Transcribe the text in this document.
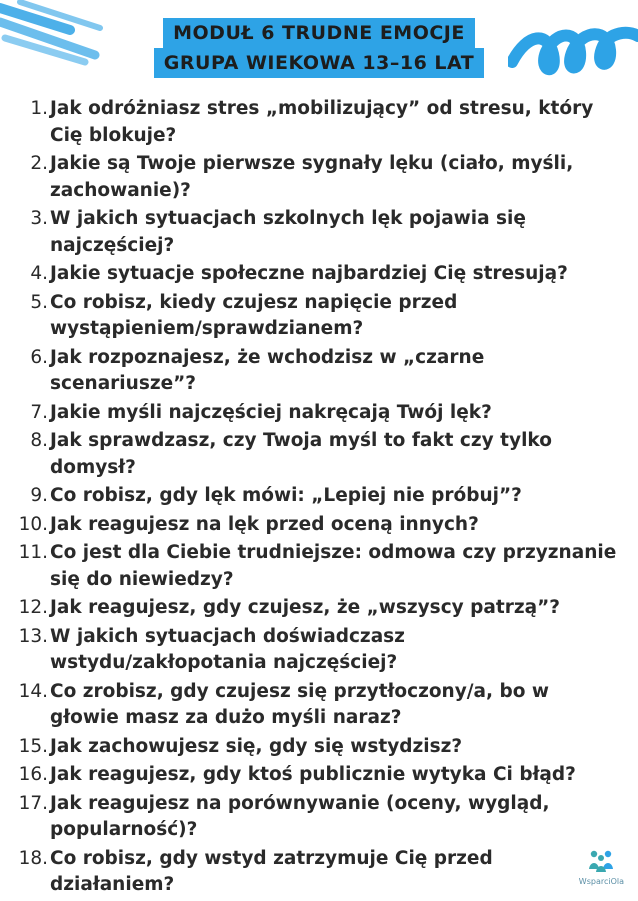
MODUŁ 6 TRUDNE EMOCJE
GRUPA WIEKOWA 13–16 LAT
1. Jak odróżniasz stres „mobilizujący” od stresu, który Cię blokuje?
2. Jakie są Twoje pierwsze sygnały lęku (ciało, myśli, zachowanie)?
3. W jakich sytuacjach szkolnych lęk pojawia się najczęściej?
4. Jakie sytuacje społeczne najbardziej Cię stresują?
5. Co robisz, kiedy czujesz napięcie przed wystąpieniem/sprawdzianem?
6. Jak rozpoznajesz, że wchodzisz w „czarne scenariusze”?
7. Jakie myśli najczęściej nakręcają Twój lęk?
8. Jak sprawdzasz, czy Twoja myśl to fakt czy tylko domysł?
9. Co robisz, gdy lęk mówi: „Lepiej nie próbuj”?
10. Jak reagujesz na lęk przed oceną innych?
11. Co jest dla Ciebie trudniejsze: odmowa czy przyznanie się do niewiedzy?
12. Jak reagujesz, gdy czujesz, że „wszyscy patrzą”?
13. W jakich sytuacjach doświadczasz wstydu/zakłopotania najczęściej?
14. Co zrobisz, gdy czujesz się przytłoczony/a, bo w głowie masz za dużo myśli naraz?
15. Jak zachowujesz się, gdy się wstydzisz?
16. Jak reagujesz, gdy ktoś publicznie wytyka Ci błąd?
17. Jak reagujesz na porównywanie (oceny, wygląd, popularność)?
18. Co robisz, gdy wstyd zatrzymuje Cię przed działaniem?	WsparciOla
